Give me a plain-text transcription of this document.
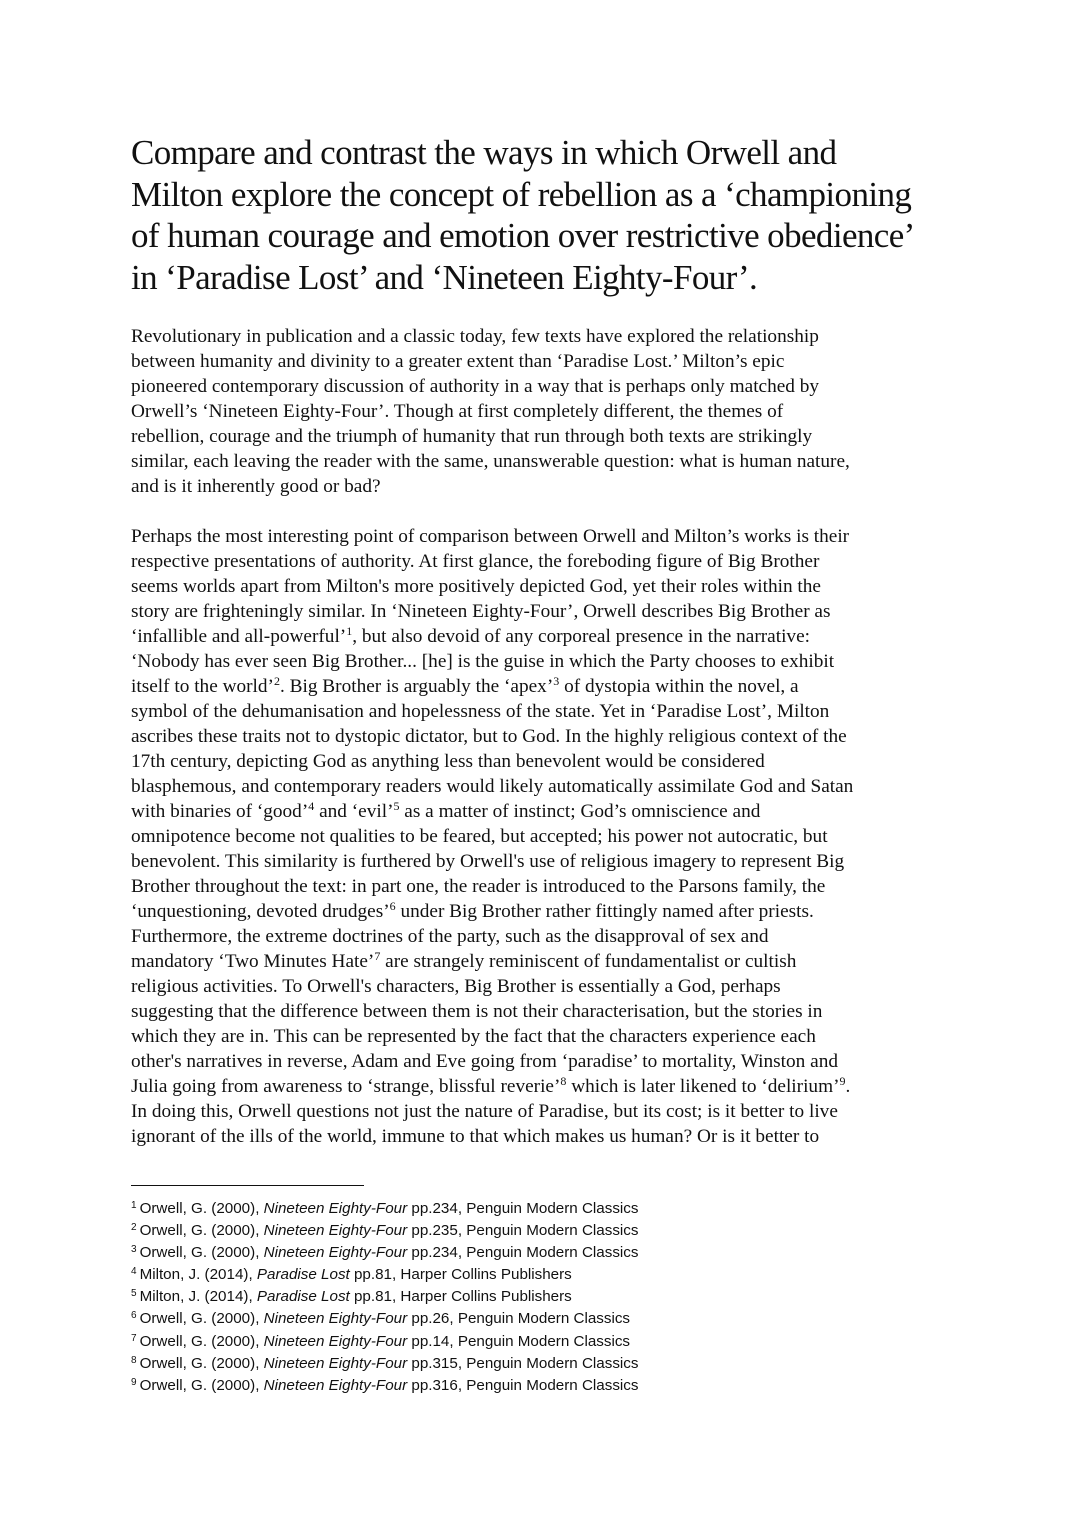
Compare and contrast the ways in which Orwell and
Milton explore the concept of rebellion as a ‘championing
of human courage and emotion over restrictive obedience’
in ‘Paradise Lost’ and ‘Nineteen Eighty-Four’.
Revolutionary in publication and a classic today, few texts have explored the relationship
between humanity and divinity to a greater extent than ‘Paradise Lost.’ Milton’s epic
pioneered contemporary discussion of authority in a way that is perhaps only matched by
Orwell’s ‘Nineteen Eighty-Four’. Though at first completely different, the themes of
rebellion, courage and the triumph of humanity that run through both texts are strikingly
similar, each leaving the reader with the same, unanswerable question: what is human nature,
and is it inherently good or bad?
Perhaps the most interesting point of comparison between Orwell and Milton’s works is their
respective presentations of authority. At first glance, the foreboding figure of Big Brother
seems worlds apart from Milton's more positively depicted God, yet their roles within the
story are frighteningly similar. In ‘Nineteen Eighty-Four’, Orwell describes Big Brother as
‘infallible and all-powerful’$^1$, but also devoid of any corporeal presence in the narrative:
‘Nobody has ever seen Big Brother... [he] is the guise in which the Party chooses to exhibit
itself to the world’$^2$. Big Brother is arguably the ‘apex’$^3$ of dystopia within the novel, a
symbol of the dehumanisation and hopelessness of the state. Yet in ‘Paradise Lost’, Milton
ascribes these traits not to dystopic dictator, but to God. In the highly religious context of the
17th century, depicting God as anything less than benevolent would be considered
blasphemous, and contemporary readers would likely automatically assimilate God and Satan
with binaries of ‘good’$^4$ and ‘evil’$^5$ as a matter of instinct; God’s omniscience and
omnipotence become not qualities to be feared, but accepted; his power not autocratic, but
benevolent. This similarity is furthered by Orwell's use of religious imagery to represent Big
Brother throughout the text: in part one, the reader is introduced to the Parsons family, the
‘unquestioning, devoted drudges’$^6$ under Big Brother rather fittingly named after priests.
Furthermore, the extreme doctrines of the party, such as the disapproval of sex and
mandatory ‘Two Minutes Hate’$^7$ are strangely reminiscent of fundamentalist or cultish
religious activities. To Orwell's characters, Big Brother is essentially a God, perhaps
suggesting that the difference between them is not their characterisation, but the stories in
which they are in. This can be represented by the fact that the characters experience each
other's narratives in reverse, Adam and Eve going from ‘paradise’ to mortality, Winston and
Julia going from awareness to ‘strange, blissful reverie’$^8$ which is later likened to ‘delirium’$^9$.
In doing this, Orwell questions not just the nature of Paradise, but its cost; is it better to live
ignorant of the ills of the world, immune to that which makes us human? Or is it better to
$^1$ Orwell, G. (2000), Nineteen Eighty-Four pp.234, Penguin Modern Classics
$^2$ Orwell, G. (2000), Nineteen Eighty-Four pp.235, Penguin Modern Classics
$^3$ Orwell, G. (2000), Nineteen Eighty-Four pp.234, Penguin Modern Classics
$^4$ Milton, J. (2014), Paradise Lost pp.81, Harper Collins Publishers
$^5$ Milton, J. (2014), Paradise Lost pp.81, Harper Collins Publishers
$^6$ Orwell, G. (2000), Nineteen Eighty-Four pp.26, Penguin Modern Classics
$^7$ Orwell, G. (2000), Nineteen Eighty-Four pp.14, Penguin Modern Classics
$^8$ Orwell, G. (2000), Nineteen Eighty-Four pp.315, Penguin Modern Classics
$^9$ Orwell, G. (2000), Nineteen Eighty-Four pp.316, Penguin Modern Classics
